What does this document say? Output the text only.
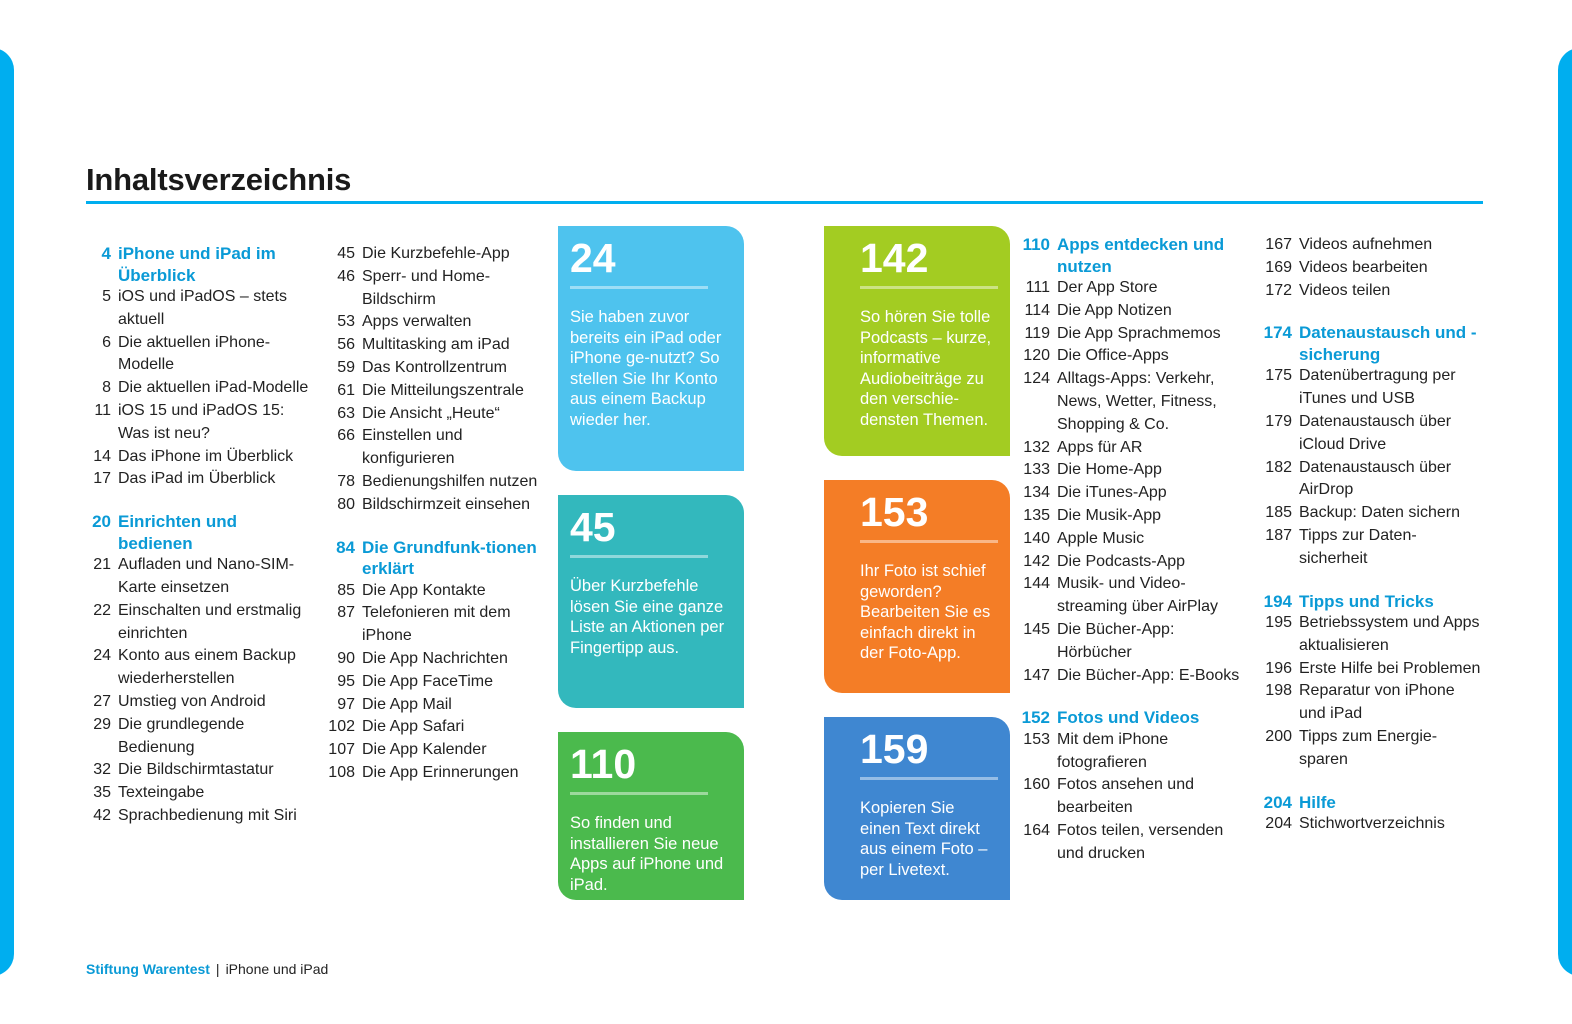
Inhaltsverzeichnis
4 iPhone und iPad im Überblick
5 iOS und iPadOS – stets aktuell
6 Die aktuellen iPhone-Modelle
8 Die aktuellen iPad-Modelle
11 iOS 15 und iPadOS 15: Was ist neu?
14 Das iPhone im Überblick
17 Das iPad im Überblick
20 Einrichten und bedienen
21 Aufladen und Nano-SIM-Karte einsetzen
22 Einschalten und erstmalig einrichten
24 Konto aus einem Backup wiederherstellen
27 Umstieg von Android
29 Die grundlegende Bedienung
32 Die Bildschirmtastatur
35 Texteingabe
42 Sprachbedienung mit Siri
45 Die Kurzbefehle-App
46 Sperr- und Home-Bildschirm
53 Apps verwalten
56 Multitasking am iPad
59 Das Kontrollzentrum
61 Die Mitteilungszentrale
63 Die Ansicht „Heute“
66 Einstellen und konfigurieren
78 Bedienungshilfen nutzen
80 Bildschirmzeit einsehen
84 Die Grundfunk-tionen erklärt
85 Die App Kontakte
87 Telefonieren mit dem iPhone
90 Die App Nachrichten
95 Die App FaceTime
97 Die App Mail
102 Die App Safari
107 Die App Kalender
108 Die App Erinnerungen
110 Apps entdecken und nutzen
111 Der App Store
114 Die App Notizen
119 Die App Sprachmemos
120 Die Office-Apps
124 Alltags-Apps: Verkehr, News, Wetter, Fitness, Shopping & Co.
132 Apps für AR
133 Die Home-App
134 Die iTunes-App
135 Die Musik-App
140 Apple Music
142 Die Podcasts-App
144 Musik- und Video-streaming über AirPlay
145 Die Bücher-App: Hörbücher
147 Die Bücher-App: E-Books
152 Fotos und Videos
153 Mit dem iPhone fotografieren
160 Fotos ansehen und bearbeiten
164 Fotos teilen, versenden und drucken
167 Videos aufnehmen
169 Videos bearbeiten
172 Videos teilen
174 Datenaustausch und -sicherung
175 Datenübertragung per iTunes und USB
179 Datenaustausch über iCloud Drive
182 Datenaustausch über AirDrop
185 Backup: Daten sichern
187 Tipps zur Daten-sicherheit
194 Tipps und Tricks
195 Betriebssystem und Apps aktualisieren
196 Erste Hilfe bei Problemen
198 Reparatur von iPhone und iPad
200 Tipps zum Energie-sparen
204 Hilfe
204 Stichwortverzeichnis
24
Sie haben zuvor bereits ein iPad oder iPhone ge-nutzt? So stellen Sie Ihr Konto aus einem Backup wieder her.
45
Über Kurzbefehle lösen Sie eine ganze Liste an Aktionen per Fingertipp aus.
110
So finden und installieren Sie neue Apps auf iPhone und iPad.
142
So hören Sie tolle Podcasts – kurze, informative Audiobeiträge zu den verschie-densten Themen.
153
Ihr Foto ist schief geworden? Bearbeiten Sie es einfach direkt in der Foto-App.
159
Kopieren Sie einen Text direkt aus einem Foto – per Livetext.
Stiftung Warentest | iPhone und iPad
